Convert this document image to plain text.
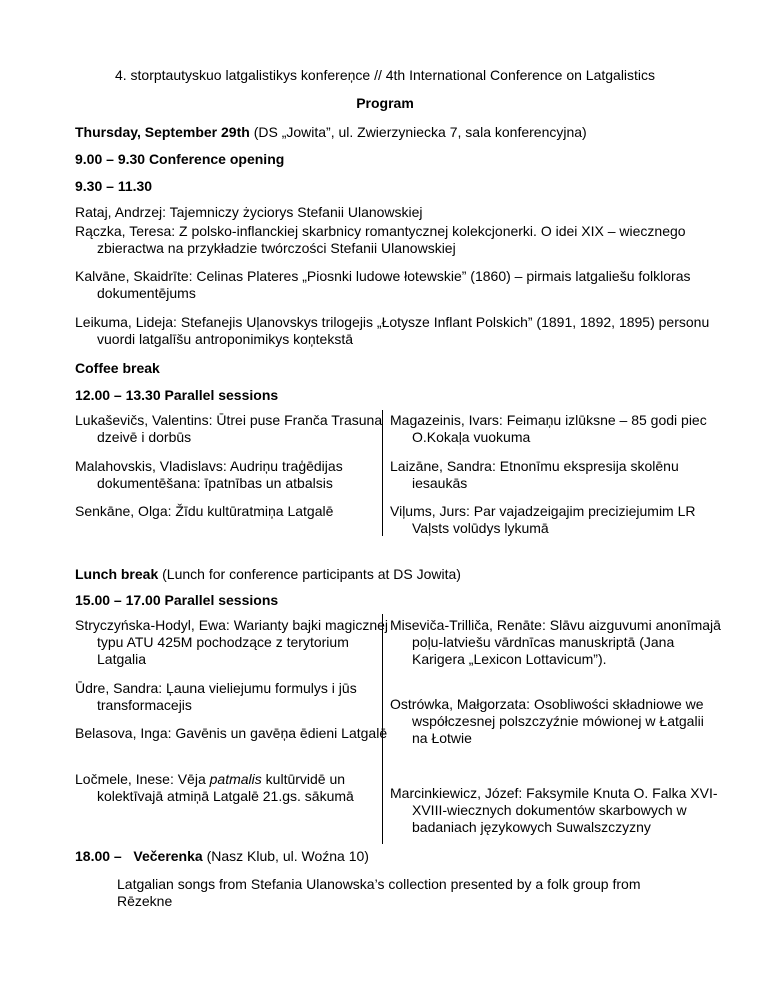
4. storptautyskuo latgalistikys konfereņce // 4th International Conference on Latgalistics
Program
Thursday, September 29th (DS „Jowita”, ul. Zwierzyniecka 7, sala konferencyjna)
9.00 – 9.30 Conference opening
9.30 – 11.30
Rataj, Andrzej: Tajemniczy życiorys Stefanii Ulanowskiej
Rączka, Teresa: Z polsko-inflanckiej skarbnicy romantycznej kolekcjonerki. O idei XIX – wiecznego zbieractwa na przykładzie twórczości Stefanii Ulanowskiej
Kalvāne, Skaidrīte: Celinas Plateres „Piosnki ludowe łotewskie” (1860) – pirmais latgaliešu folkloras dokumentējums
Leikuma, Lideja: Stefanejis Uļanovskys trilogejis „Łotysze Inflant Polskich” (1891, 1892, 1895) personu vuordi latgalīšu antroponimikys koņtekstā
Coffee break
12.00 – 13.30 Parallel sessions
Lukaševičs, Valentins: Ūtrei puse Franča Trasuna dzeivē i dorbūs
Malahovskis, Vladislavs: Audriņu traģēdijas dokumentēšana: īpatnības un atbalsis
Senkāne, Olga: Žīdu kultūratmiņa Latgalē
Magazeinis, Ivars: Feimaņu izlūksne – 85 godi piec O.Kokaļa vuokuma
Laizāne, Sandra: Etnonīmu ekspresija skolēnu iesaukās
Viļums, Jurs: Par vajadzeigajim preciziejumim LR Vaļsts volūdys lykumā
Lunch break (Lunch for conference participants at DS Jowita)
15.00 – 17.00 Parallel sessions
Stryczyńska-Hodyl, Ewa: Warianty bajki magicznej typu ATU 425M pochodzące z terytorium Latgalia
Ūdre, Sandra: Ļauna vieliejumu formulys i jūs transformacejis
Belasova, Inga: Gavēnis un gavēņa ēdieni Latgalē
Ločmele, Inese: Vēja patmalis kultūrvidē un kolektīvajā atmiņā Latgalē 21.gs. sākumā
Miseviča-Trilliča, Renāte: Slāvu aizguvumi anonīmajā poļu-latviešu vārdnīcas manuskriptā (Jana Karigera „Lexicon Lottavicum”).
Ostrówka, Małgorzata: Osobliwości składniowe we współczesnej polszczyźnie mówionej w Łatgalii na Łotwie
Marcinkiewicz, Józef: Faksymile Knuta O. Falka XVI-XVIII-wiecznych dokumentów skarbowych w badaniach językowych Suwalszczyzny
18.00 – Večerenka (Nasz Klub, ul. Woźna 10)
Latgalian songs from Stefania Ulanowska’s collection presented by a folk group from Rēzekne
